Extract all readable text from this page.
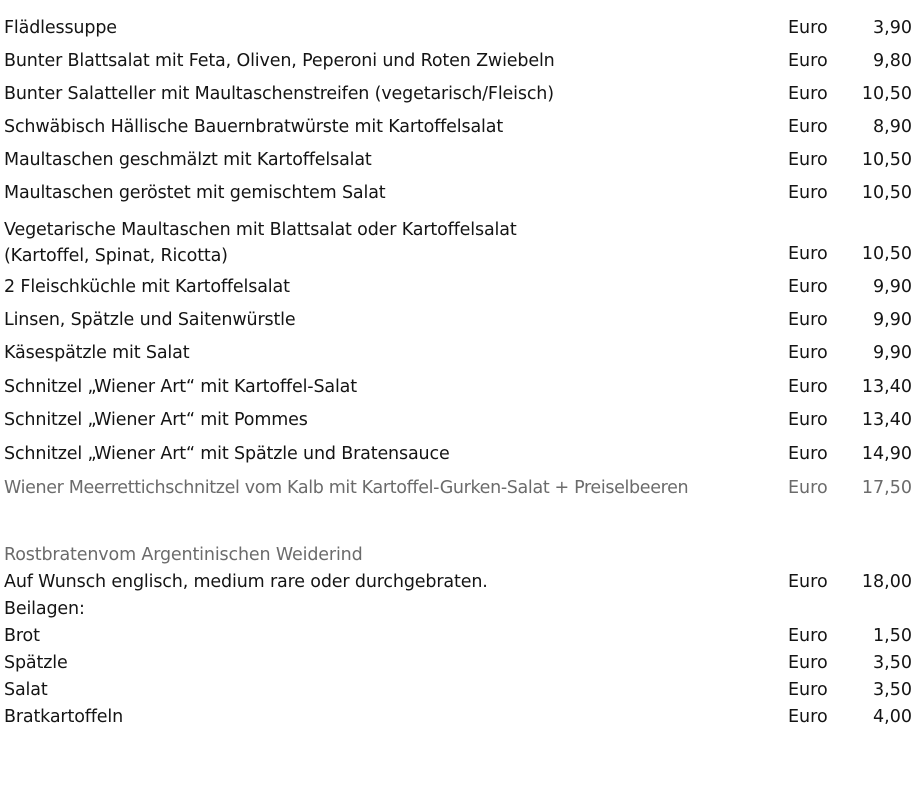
Flädlessuppe	Euro	3,90
Bunter Blattsalat mit Feta, Oliven, Peperoni und Roten Zwiebeln	Euro	9,80
Bunter Salatteller mit Maultaschenstreifen (vegetarisch/Fleisch)	Euro 10,50
Schwäbisch Hällische Bauernbratwürste mit Kartoffelsalat	Euro	8,90
Maultaschen geschmälzt mit Kartoffelsalat	Euro 10,50
Maultaschen geröstet mit gemischtem Salat	Euro 10,50
Vegetarische Maultaschen mit Blattsalat oder Kartoffelsalat
(Kartoffel, Spinat, Ricotta)	Euro 10,50
2 Fleischküchle mit Kartoffelsalat	Euro	9,90
Linsen, Spätzle und Saitenwürstle	Euro	9,90
Käsespätzle mit Salat	Euro	9,90
Schnitzel „Wiener Art“ mit Kartoffel-Salat	Euro 13,40
Schnitzel „Wiener Art“ mit Pommes	Euro 13,40
Schnitzel „Wiener Art“ mit Spätzle und Bratensauce	Euro 14,90
Wiener Meerrettichschnitzel vom Kalb mit Kartoffel-Gurken-Salat + Preiselbeeren	Euro 17,50
Rostbratenvom Argentinischen Weiderind
Auf Wunsch englisch, medium rare oder durchgebraten.	Euro 18,00
Beilagen:
Brot	Euro	1,50
Spätzle	Euro	3,50
Salat	Euro	3,50
Bratkartoffeln	Euro	4,00
